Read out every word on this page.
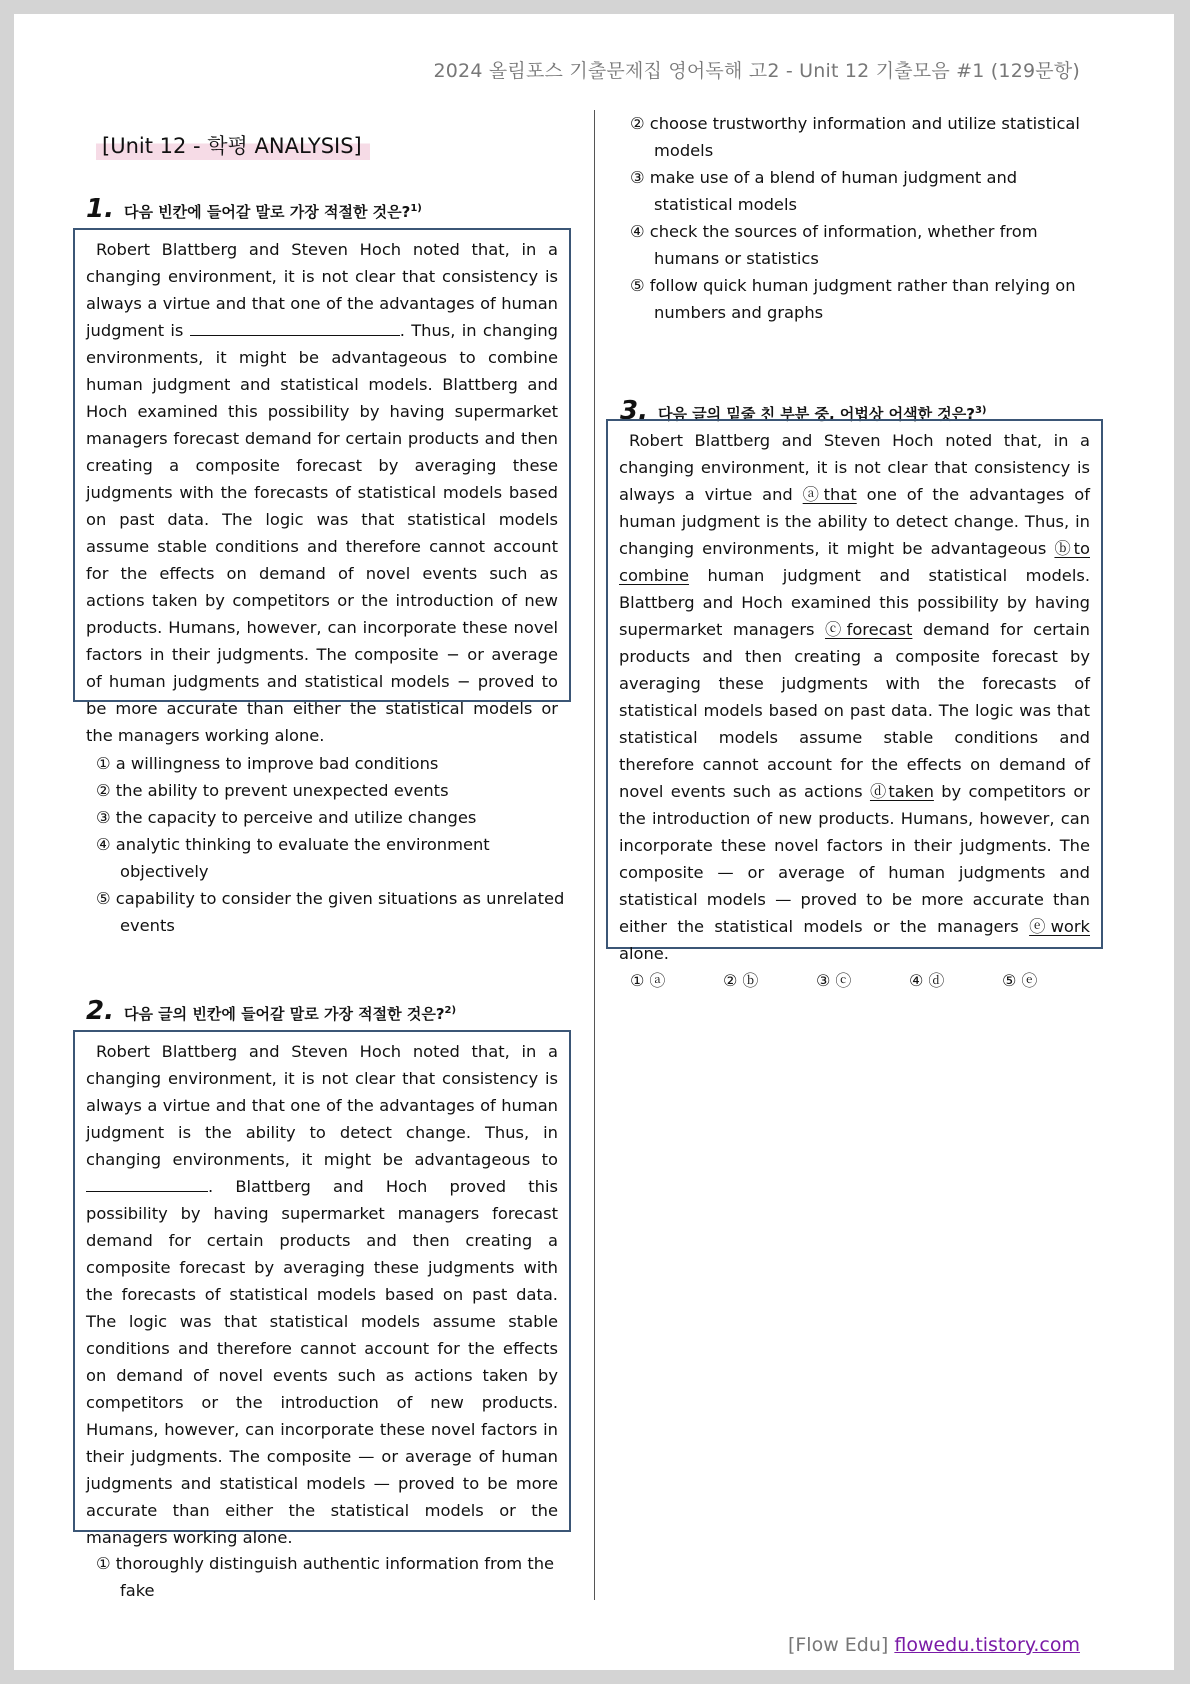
2024 올림포스 기출문제집 영어독해 고2 - Unit 12 기출모음 #1 (129문항)
[Unit 12 - 학평 ANALYSIS]
1. 다음 빈칸에 들어갈 말로 가장 적절한 것은?$^{1)}$

Robert Blattberg and Steven Hoch noted that, in a changing environment, it is not clear that consistency is always a virtue and that one of the advantages of human judgment is	. Thus, in changing environments, it might be advantageous to combine human judgment and statistical models. Blattberg and Hoch examined this possibility by having supermarket managers forecast demand for certain products and then creating a composite forecast by averaging these judgments with the forecasts of statistical models based on past data. The logic was that statistical models assume stable conditions and therefore cannot account for the effects on demand of novel events such as actions taken by competitors or the introduction of new products. Humans, however, can incorporate these novel factors in their judgments. The composite − or average of human judgments and statistical models − proved to be more accurate than either the statistical models or the managers working alone.

① a willingness to improve bad conditions
② the ability to prevent unexpected events
③ the capacity to perceive and utilize changes
④ analytic thinking to evaluate the environment objectively
⑤ capability to consider the given situations as unrelated events
2. 다음 글의 빈칸에 들어갈 말로 가장 적절한 것은?$^{2)}$

Robert Blattberg and Steven Hoch noted that, in a changing environment, it is not clear that consistency is always a virtue and that one of the advantages of human judgment is the ability to detect change. Thus, in changing environments, it might be advantageous to . Blattberg and Hoch proved this possibility by having supermarket managers forecast demand for certain products and then creating a composite forecast by averaging these judgments with the forecasts of statistical models based on past data. The logic was that statistical models assume stable conditions and therefore cannot account for the effects on demand of novel events such as actions taken by competitors or the introduction of new products. Humans, however, can incorporate these novel factors in their judgments. The composite — or average of human judgments and statistical models — proved to be more accurate than either the statistical models or the managers working alone.

① thoroughly distinguish authentic information from the fake
② choose trustworthy information and utilize statistical models
③ make use of a blend of human judgment and statistical models
④ check the sources of information, whether from humans or statistics
⑤ follow quick human judgment rather than relying on numbers and graphs
3. 다음 글의 밑줄 친 부분 중, 어법상 어색한 것은?$^{3)}$

Robert Blattberg and Steven Hoch noted that, in a changing environment, it is not clear that consistency is always a virtue and ⓐthat one of the advantages of human judgment is the ability to detect change. Thus, in changing environments, it might be advantageous ⓑto combine human judgment and statistical models. Blattberg and Hoch examined this possibility by having supermarket managers ⓒforecast demand for certain products and then creating a composite forecast by averaging these judgments with the forecasts of statistical models based on past data. The logic was that statistical models assume stable conditions and therefore cannot account for the effects on demand of novel events such as actions ⓓtaken by competitors or the introduction of new products. Humans, however, can incorporate these novel factors in their judgments. The composite — or average of human judgments and statistical models — proved to be more accurate than either the statistical models or the managers ⓔwork alone.

① ⓐ	② ⓑ	③ ⓒ	④ ⓓ	⑤ ⓔ
[Flow Edu] flowedu.tistory.com
